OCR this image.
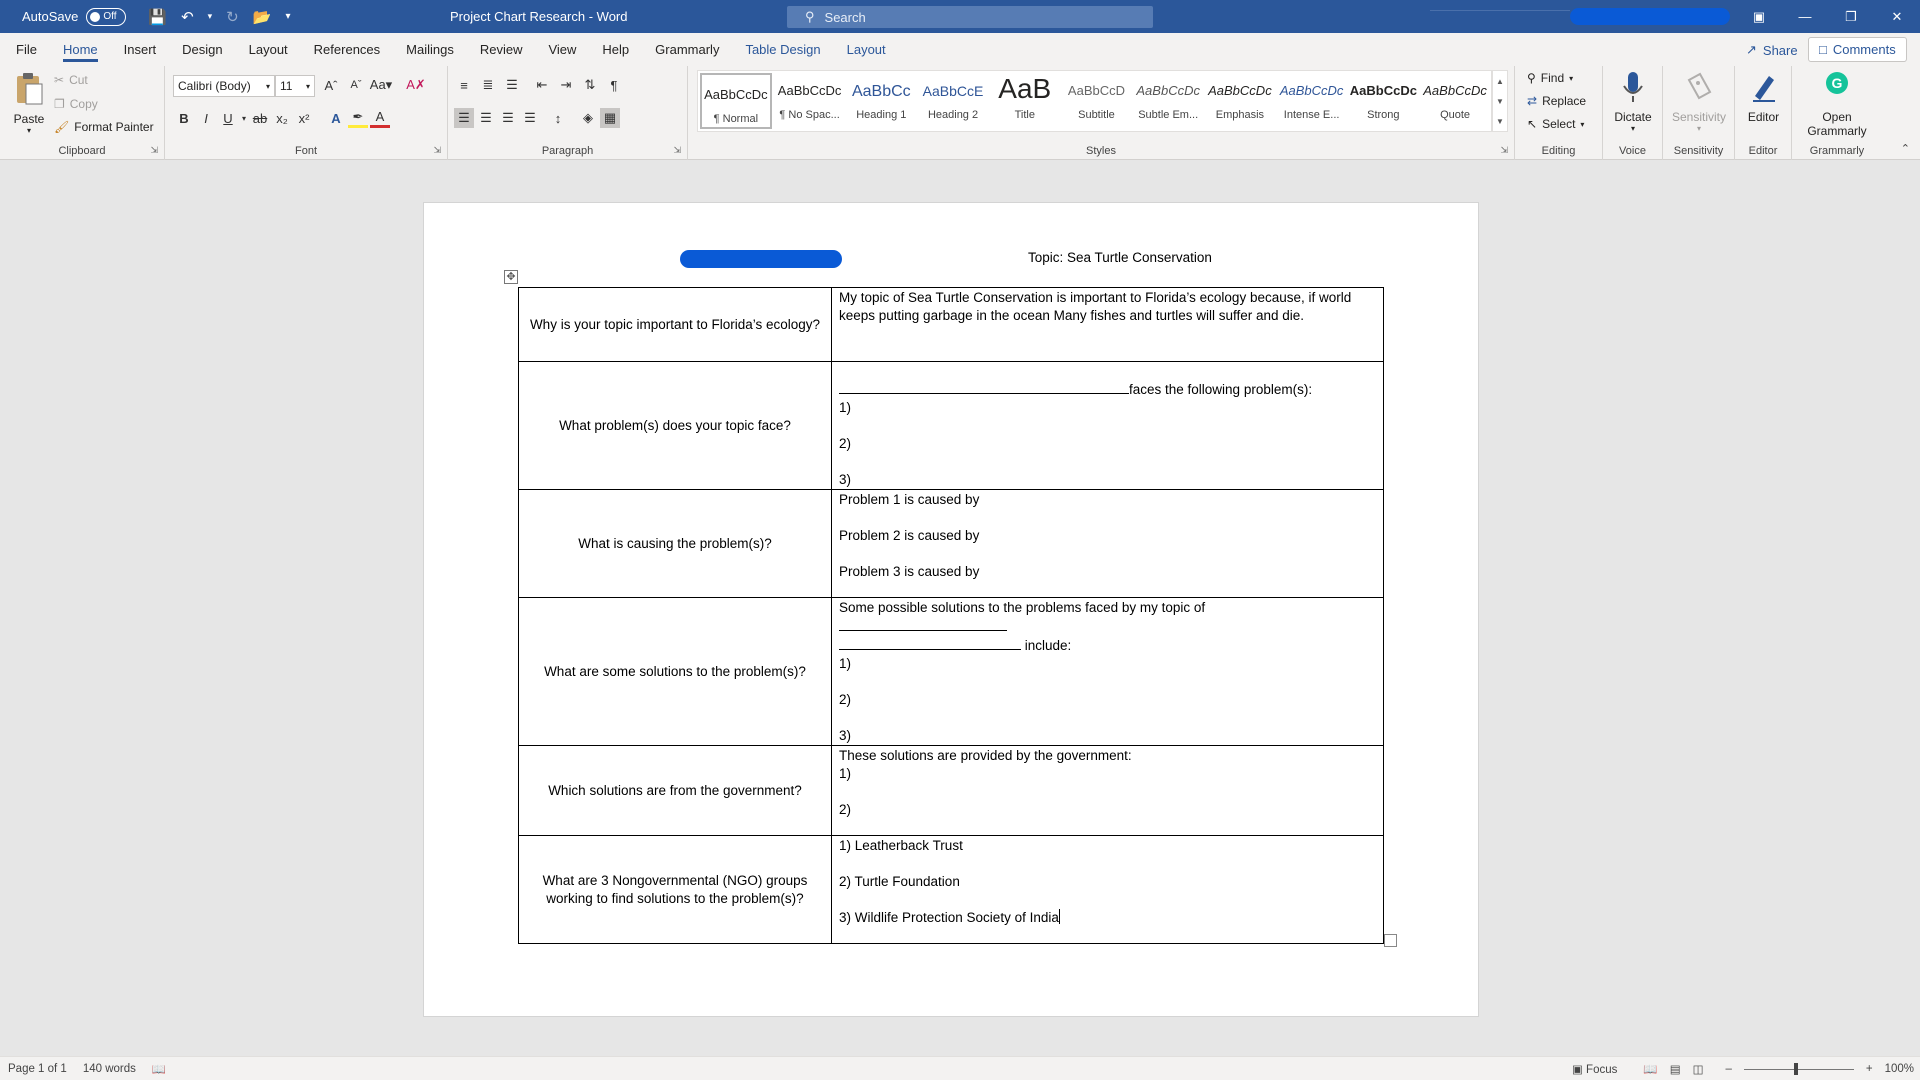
AutoSave	Off 💾 ↶ ▾ ↻ 📂 ▾	Project Chart Research - Word	⚲ Search	▣	—	❐	✕
File	Home	Insert	Design	Layout	References	Mailings	Review	View	Help	Grammarly	Table Design	Layout	↗ Share □ Comments
Paste
▾
✂ Cut
❐ Copy
🖌 Format Painter
Clipboard	⇲
Calibri (Body) ▾ 11 ▾ Aˆ	Aˇ Aa▾ A✗
B	I	U	▾ ab x₂ x²	A ✒ A
Font	⇲
≡	≣ ☰	⇤	⇥	⇅	¶
☰ ☰ ☰ ☰	↕	◈ ▦
Paragraph	⇲	Styles	⇲
AaBbCcDc
¶ Normal
AaBbCcDc
¶ No Spac...
AaBbCc
Heading 1
AaBbCcE
Heading 2
AaB
Title
AaBbCcD
Subtitle
AaBbCcDc
Subtle Em...
AaBbCcDc
Emphasis
AaBbCcDc
Intense E...
AaBbCcDc
Strong
AaBbCcDc
Quote
▲
▼
▼
⚲ Find ▾
⇄ Replace
↖ Select ▾
Editing
Dictate
▾
Voice
Sensitivity
▾
Sensitivity
Editor
Editor
G
Open
Grammarly
Grammarly	⌃
Topic: Sea Turtle Conservation
✥
Why is your topic important to Florida’s ecology?	My topic of Sea Turtle Conservation is important to Florida’s ecology because, if world keeps putting garbage in the ocean Many fishes and turtles will suffer and die.

What problem(s) does your topic face?	faces the following problem(s):

1)

2)

3)

What is causing the problem(s)?	Problem 1 is caused by

Problem 2 is caused by

Problem 3 is caused by

What are some solutions to the problem(s)?	Some possible solutions to the problems faced by my topic of

include:

1)

2)

3)

Which solutions are from the government?	These solutions are provided by the government:

1)

2)

What are 3 Nongovernmental (NGO) groups working to find solutions to the problem(s)?	1) Leatherback Trust

2) Turtle Foundation

3) Wildlife Protection Society of India

Page 1 of 1 140 words 📖	▣ Focus 📖 ▤ ◫ –	+ 100%
